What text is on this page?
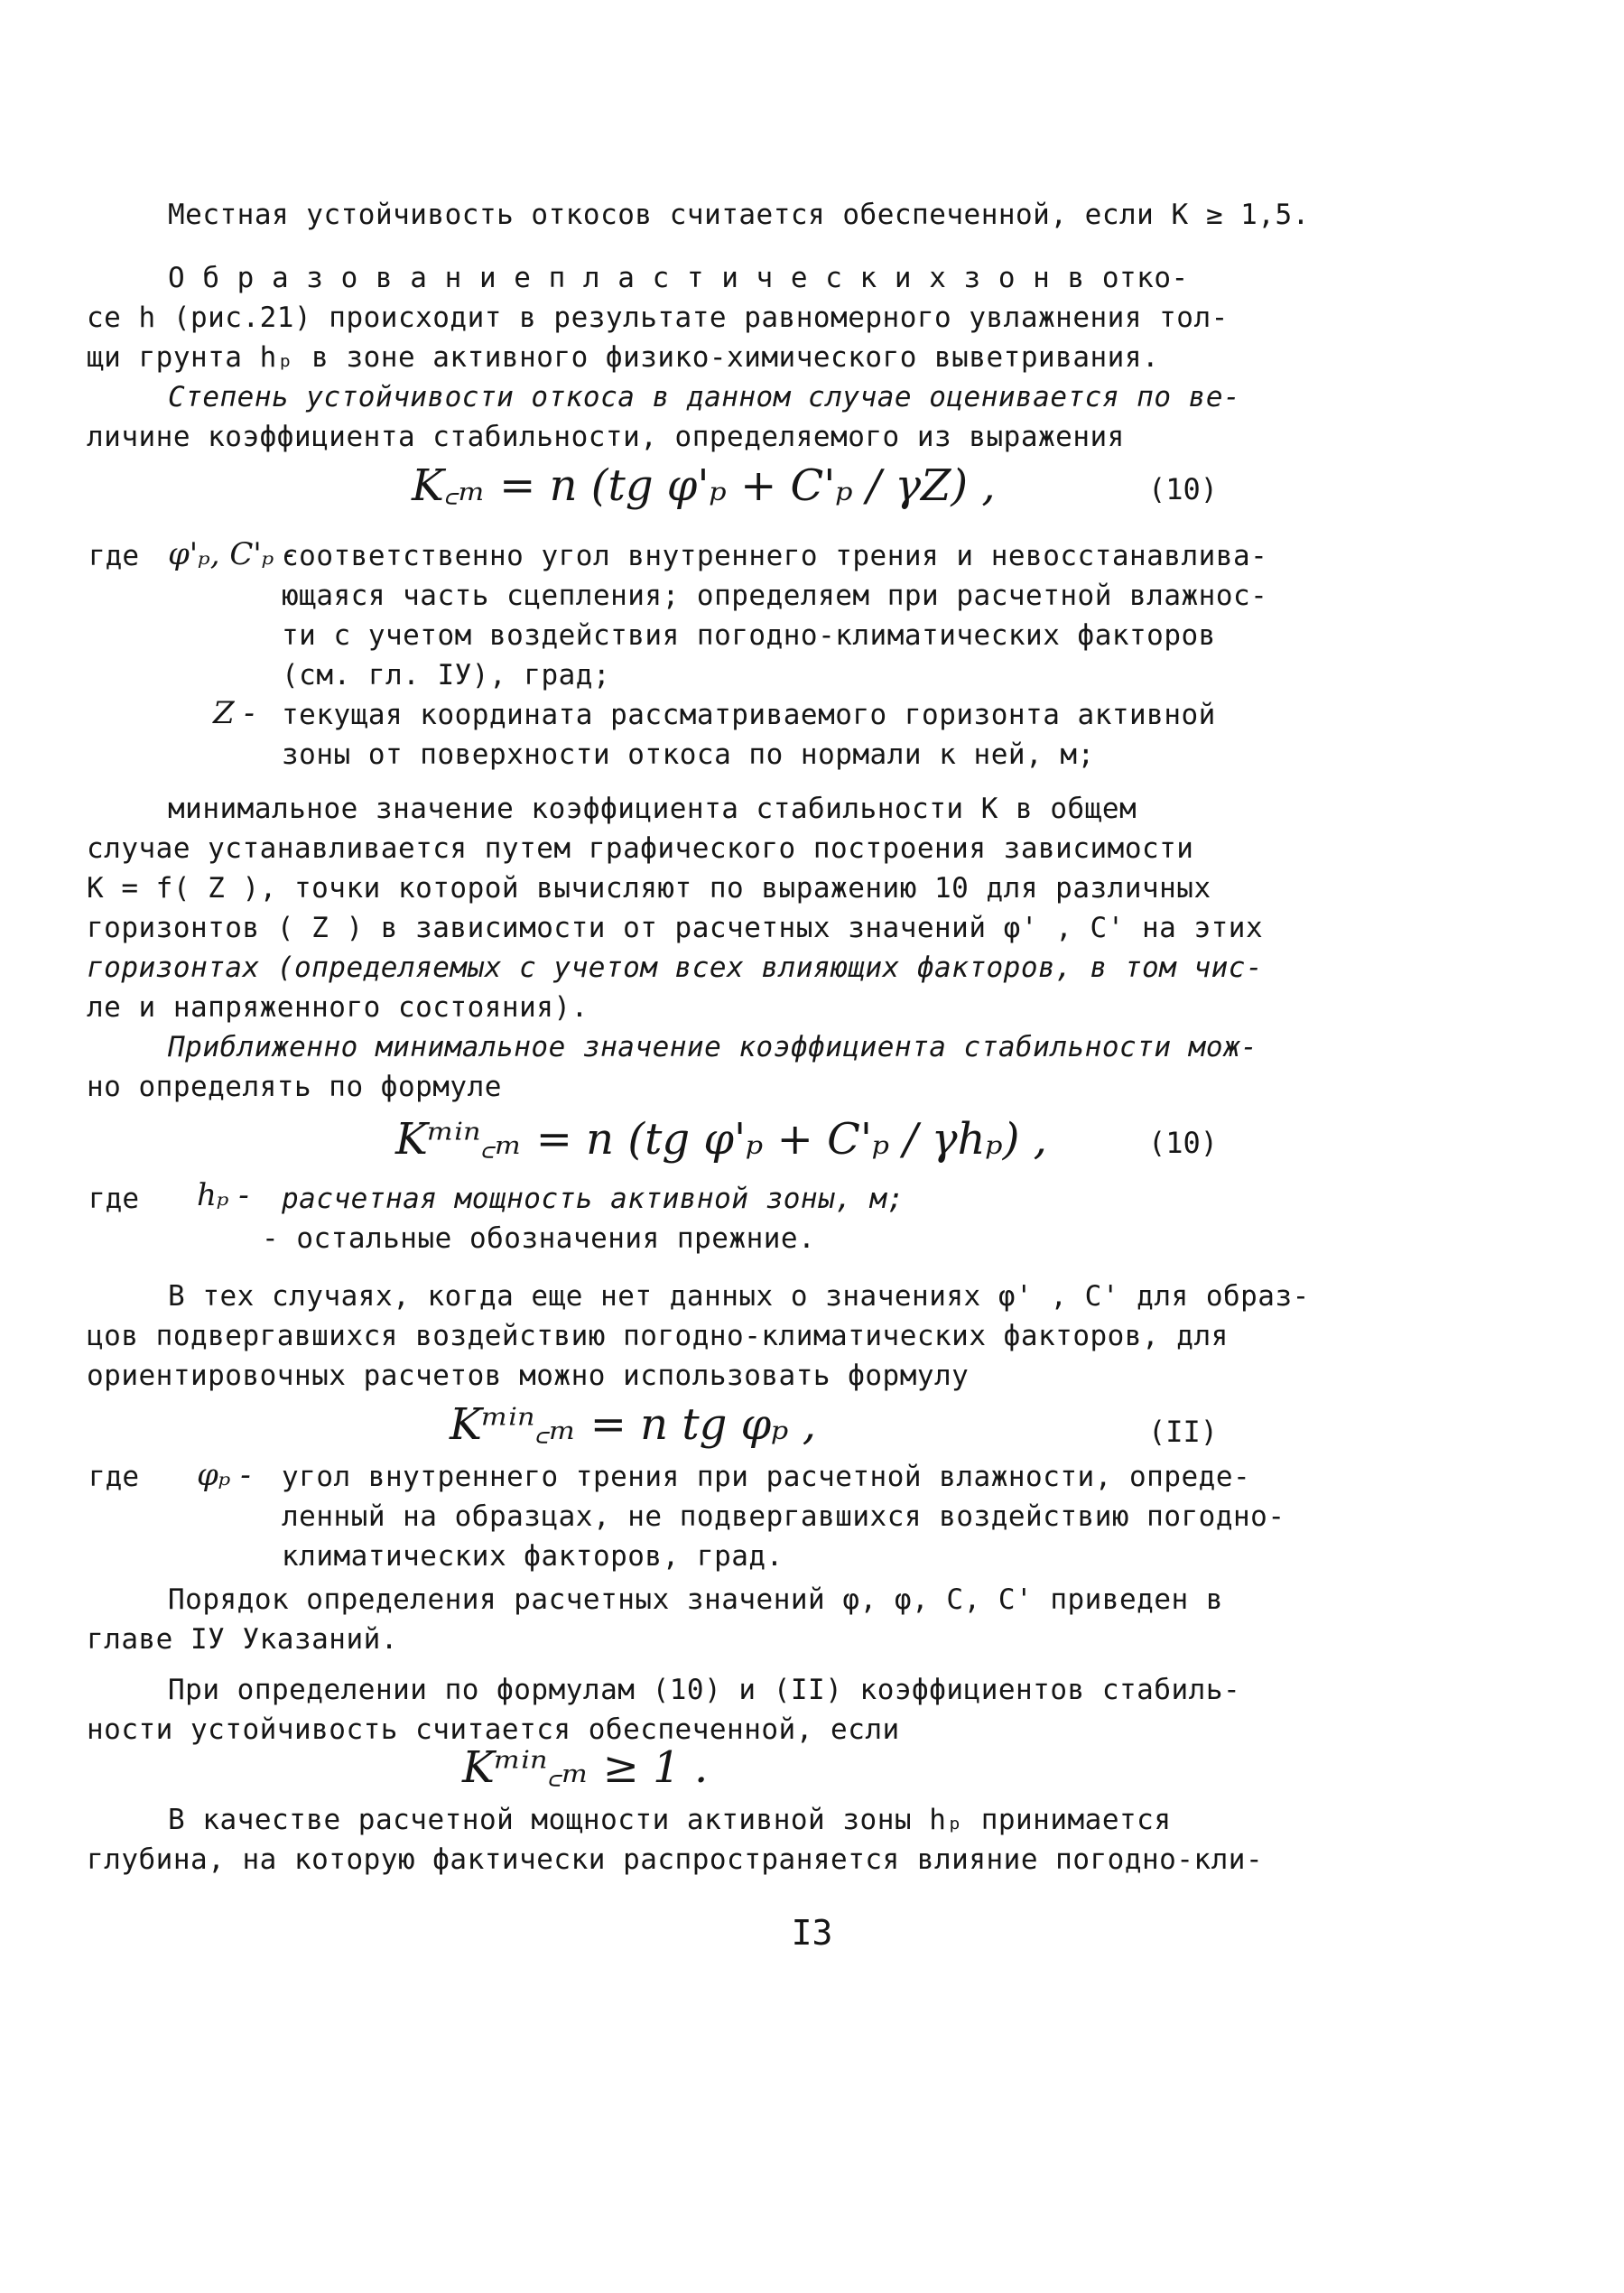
Местная устойчивость откосов считается обеспеченной, если К ≥ 1,5.
О б р а з о в а н и е п л а с т и ч е с к и х з о н в отко-
се h (рис.21) происходит в результате равномерного увлажнения тол-
щи грунта hₚ в зоне активного физико-химического выветривания.
Степень устойчивости откоса в данном случае оценивается по ве-
личине коэффициента стабильности, определяемого из выражения
K꜀ₘ = n (tg φ'ₚ + C'ₚ / γZ) ,	(10)
где φ'ₚ, C'ₚ -
соответственно угол внутреннего трения и невосстанавлива-
ющаяся часть сцепления; определяем при расчетной влажнос-
ти с учетом воздействия погодно-климатических факторов
(см. гл. IУ), град;
Z - текущая координата рассматриваемого горизонта активной
зоны от поверхности откоса по нормали к ней, м;
минимальное значение коэффициента стабильности К в общем
случае устанавливается путем графического построения зависимости
К = f( Z ), точки которой вычисляют по выражению 10 для различных
горизонтов ( Z ) в зависимости от расчетных значений φ' , C' на этих
горизонтах (определяемых с учетом всех влияющих факторов, в том чис-
ле и напряженного состояния).
Приближенно минимальное значение коэффициента стабильности мож-
но определять по формуле
Kᵐⁱⁿ꜀ₘ = n (tg φ'ₚ + C'ₚ / γhₚ) ,	(10)
где hₚ - расчетная мощность активной зоны, м;
- остальные обозначения прежние.
В тех случаях, когда еще нет данных о значениях φ' , C' для образ-
цов подвергавшихся воздействию погодно-климатических факторов, для
ориентировочных расчетов можно использовать формулу
Kᵐⁱⁿ꜀ₘ = n tg φₚ ,	(II)
где φₚ - угол внутреннего трения при расчетной влажности, опреде-
ленный на образцах, не подвергавшихся воздействию погодно-
климатических факторов, град.
Порядок определения расчетных значений φ, φ, C, C' приведен в
главе IУ Указаний.
При определении по формулам (10) и (II) коэффициентов стабиль-
ности устойчивость считается обеспеченной, если
Kᵐⁱⁿ꜀ₘ ≥ 1 .
В качестве расчетной мощности активной зоны hₚ принимается
глубина, на которую фактически распространяется влияние погодно-кли-
I3
